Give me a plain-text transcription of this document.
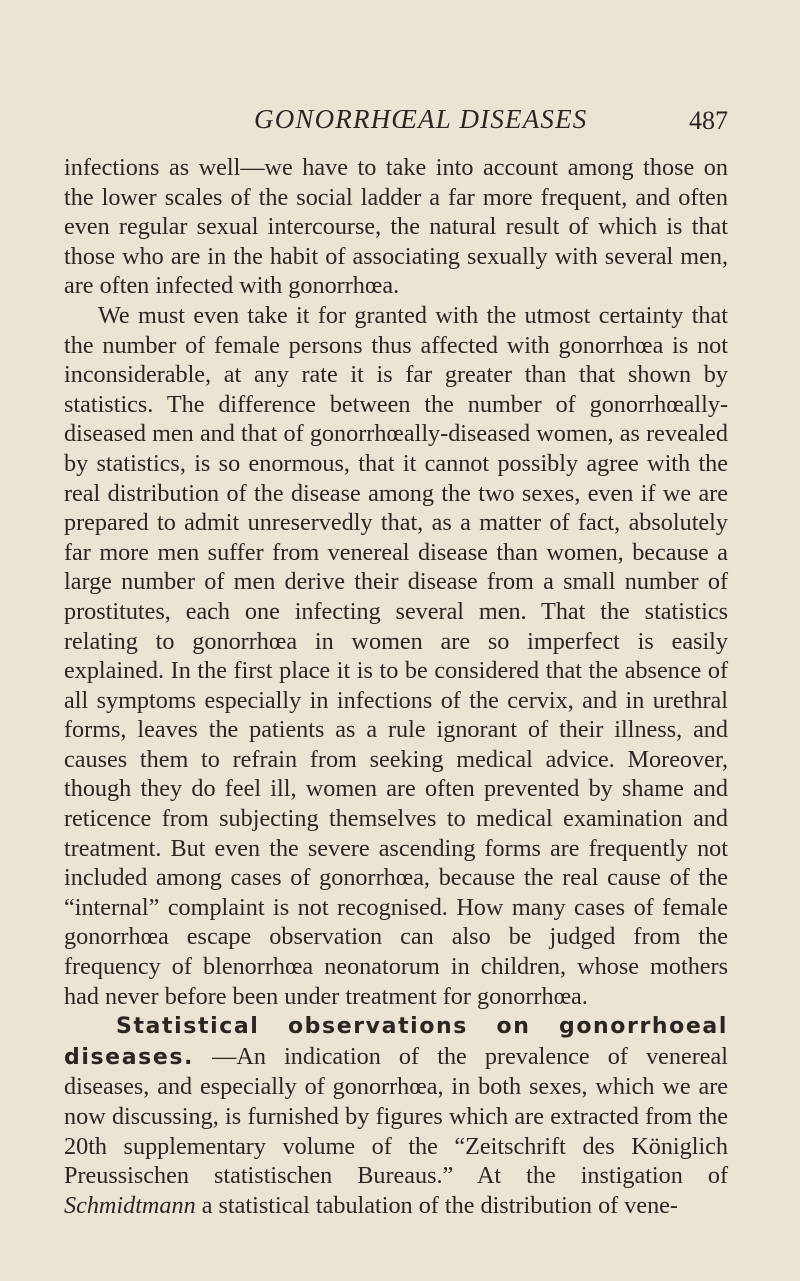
GONORRHŒAL DISEASES	487

infections as well—we have to take into account among those on the lower scales of the social ladder a far more frequent, and often even regular sexual intercourse, the natural result of which is that those who are in the habit of associating sexually with several men, are often infected with gonorrhœa.

We must even take it for granted with the utmost certainty that the number of female persons thus affected with gonorrhœa is not inconsiderable, at any rate it is far greater than that shown by statistics. The difference between the number of gonorrhœally-diseased men and that of gonorrhœally-diseased women, as revealed by statistics, is so enormous, that it cannot possibly agree with the real distribution of the disease among the two sexes, even if we are prepared to admit unreservedly that, as a matter of fact, absolutely far more men suffer from venereal disease than women, because a large number of men derive their disease from a small number of prostitutes, each one infecting several men. That the statistics relating to gonorrhœa in women are so imperfect is easily explained. In the first place it is to be considered that the absence of all symptoms especially in infections of the cervix, and in urethral forms, leaves the patients as a rule ignorant of their illness, and causes them to refrain from seeking medical advice. Moreover, though they do feel ill, women are often prevented by shame and reticence from subjecting themselves to medical examination and treatment. But even the severe ascending forms are frequently not included among cases of gonorrhœa, because the real cause of the “internal” complaint is not recognised. How many cases of female gonorrhœa escape observation can also be judged from the frequency of blenorrhœa neonatorum in children, whose mothers had never before been under treatment for gonorrhœa.

Statistical observations on gonorrhoeal diseases. —An indication of the prevalence of venereal diseases, and especially of gonorrhœa, in both sexes, which we are now discussing, is furnished by figures which are extracted from the 20th supplementary volume of the “Zeitschrift des Königlich Preussischen statistischen Bureaus.” At the instigation of Schmidtmann a statistical tabulation of the distribution of vene-
